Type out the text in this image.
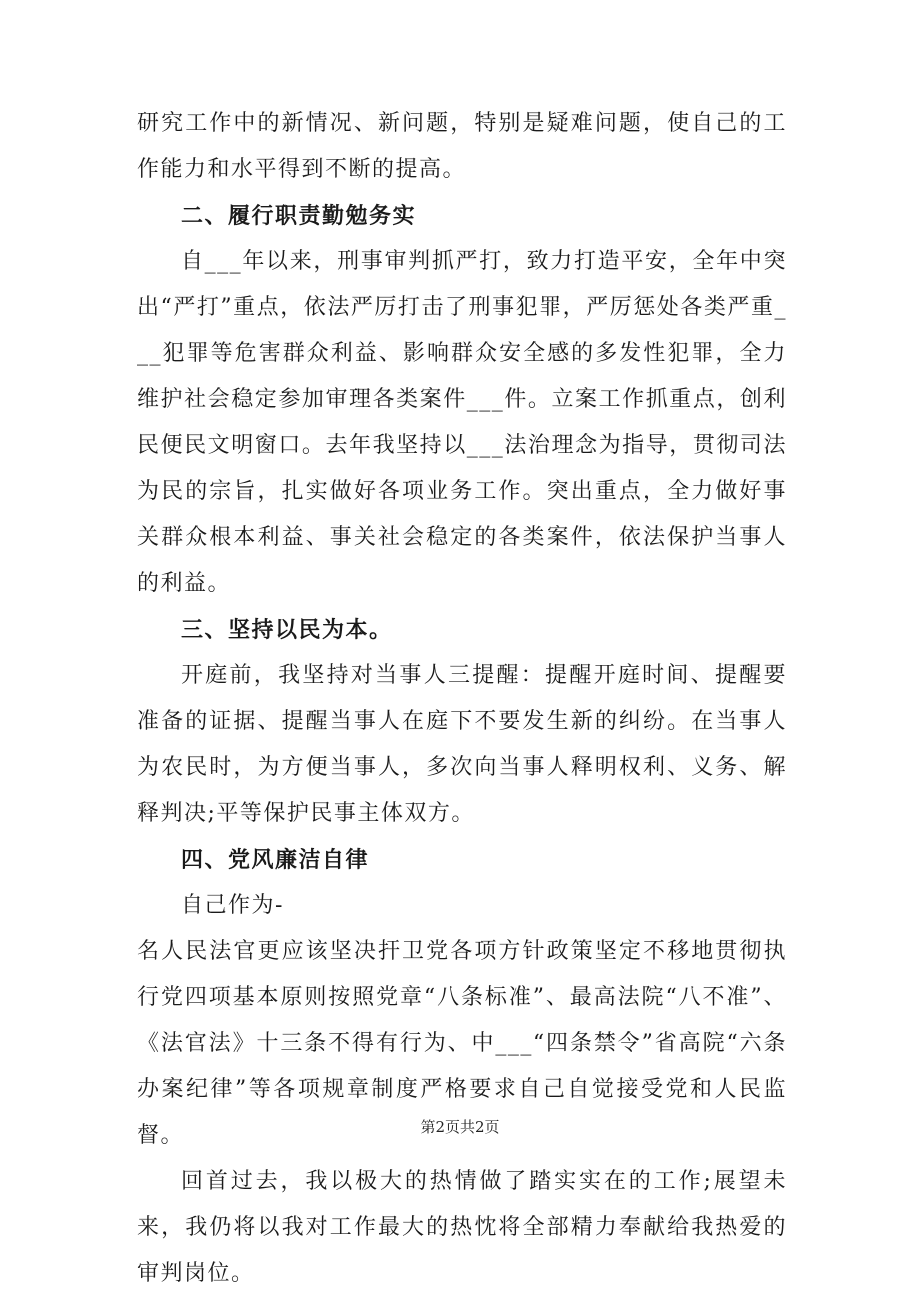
研究工作中的新情况、新问题，特别是疑难问题，使自己的工作能力和水平得到不断的提高。

二、履行职责勤勉务实

自___年以来，刑事审判抓严打，致力打造平安，全年中突出“严打”重点，依法严厉打击了刑事犯罪，严厉惩处各类严重___犯罪等危害群众利益、影响群众安全感的多发性犯罪，全力维护社会稳定参加审理各类案件___件。立案工作抓重点，创利民便民文明窗口。去年我坚持以___法治理念为指导，贯彻司法为民的宗旨，扎实做好各项业务工作。突出重点，全力做好事关群众根本利益、事关社会稳定的各类案件，依法保护当事人的利益。

三、坚持以民为本。

开庭前，我坚持对当事人三提醒：提醒开庭时间、提醒要准备的证据、提醒当事人在庭下不要发生新的纠纷。在当事人为农民时，为方便当事人，多次向当事人释明权利、义务、解释判决;平等保护民事主体双方。

四、党风廉洁自律

自己作为-

名人民法官更应该坚决扞卫党各项方针政策坚定不移地贯彻执行党四项基本原则按照党章“八条标准”、最高法院“八不准”、《法官法》十三条不得有行为、中___“四条禁令”省高院“六条办案纪律”等各项规章制度严格要求自己自觉接受党和人民监督。

回首过去，我以极大的热情做了踏实实在的工作;展望未来，我仍将以我对工作最大的热忱将全部精力奉献给我热爱的审判岗位。

第2页共2页
